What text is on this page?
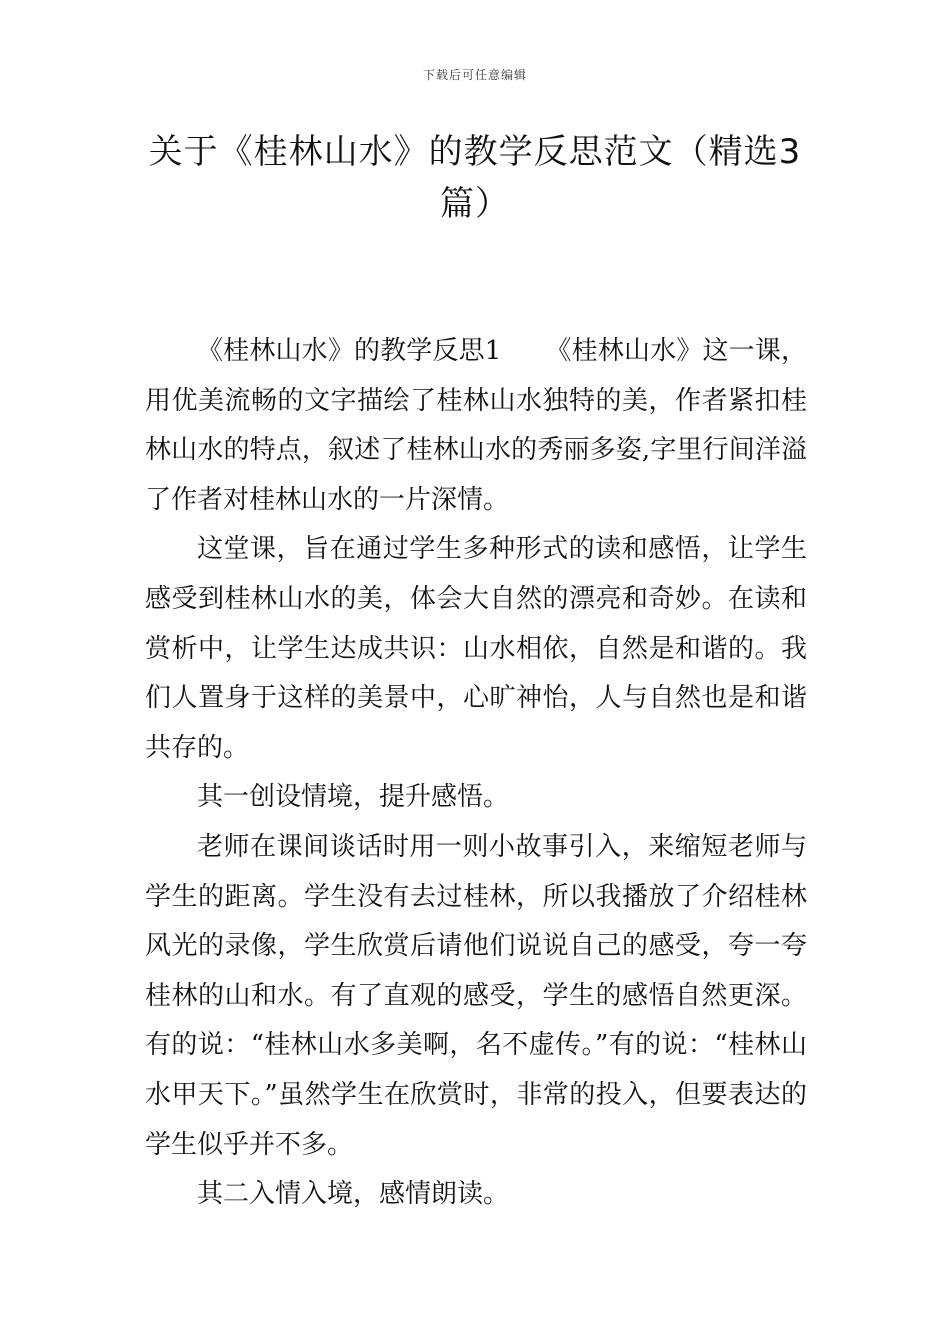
下载后可任意编辑
关于《桂林山水》的教学反思范文（精选3篇）

《桂林山水》的教学反思1 《桂林山水》这一课，用优美流畅的文字描绘了桂林山水独特的美，作者紧扣桂林山水的特点，叙述了桂林山水的秀丽多姿,字里行间洋溢了作者对桂林山水的一片深情。

这堂课，旨在通过学生多种形式的读和感悟，让学生感受到桂林山水的美，体会大自然的漂亮和奇妙。在读和赏析中，让学生达成共识：山水相依，自然是和谐的。我们人置身于这样的美景中，心旷神怡，人与自然也是和谐共存的。

其一创设情境，提升感悟。

老师在课间谈话时用一则小故事引入，来缩短老师与学生的距离。学生没有去过桂林，所以我播放了介绍桂林风光的录像，学生欣赏后请他们说说自己的感受，夸一夸桂林的山和水。有了直观的感受，学生的感悟自然更深。有的说：“桂林山水多美啊，名不虚传。”有的说：“桂林山水甲天下。”虽然学生在欣赏时，非常的投入，但要表达的学生似乎并不多。

其二入情入境，感情朗读。
